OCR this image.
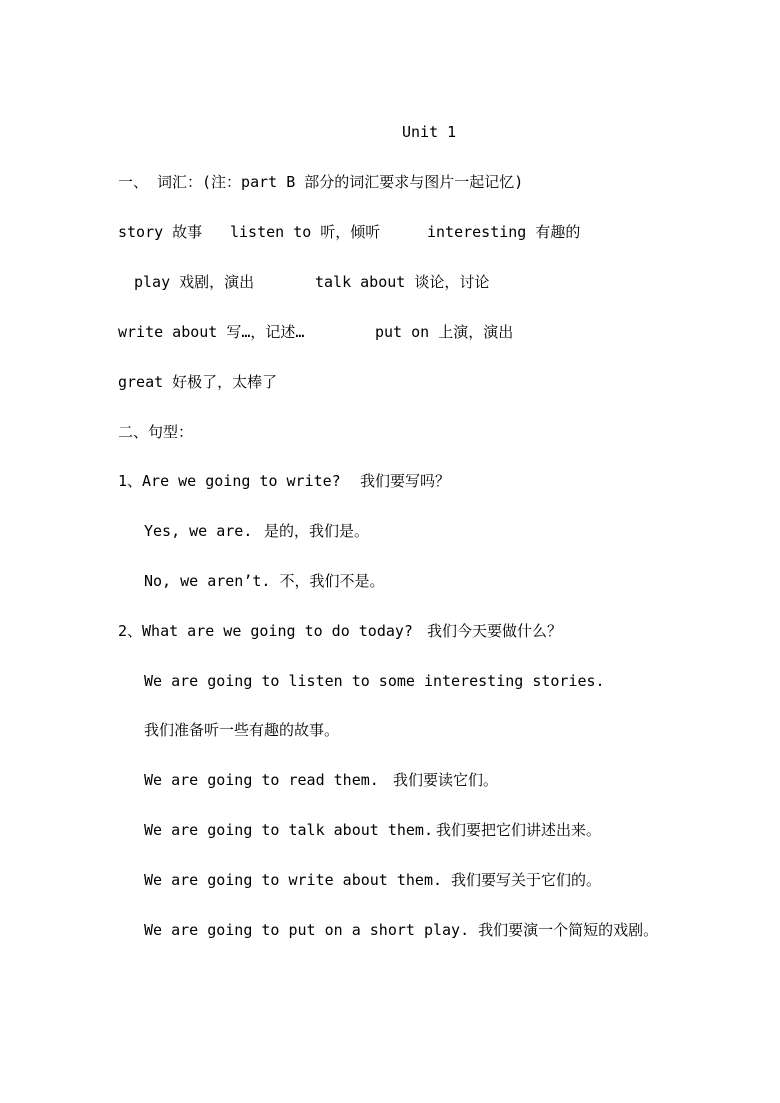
Unit 1
一、 词汇：(注：part B 部分的词汇要求与图片一起记忆)
story 故事 listen to 听，倾听	interesting 有趣的
play 戏剧，演出	talk about 谈论，讨论
write about 写…，记述…	put on 上演，演出
great 好极了，太棒了
二、句型：
1、Are we going to write? 我们要写吗？
Yes, we are. 是的，我们是。
No, we aren’t. 不，我们不是。
2、What are we going to do today? 我们今天要做什么？
We are going to listen to some interesting stories.
我们准备听一些有趣的故事。
We are going to read them. 我们要读它们。
We are going to talk about them. 我们要把它们讲述出来。
We are going to write about them. 我们要写关于它们的。
We are going to put on a short play. 我们要演一个简短的戏剧。
